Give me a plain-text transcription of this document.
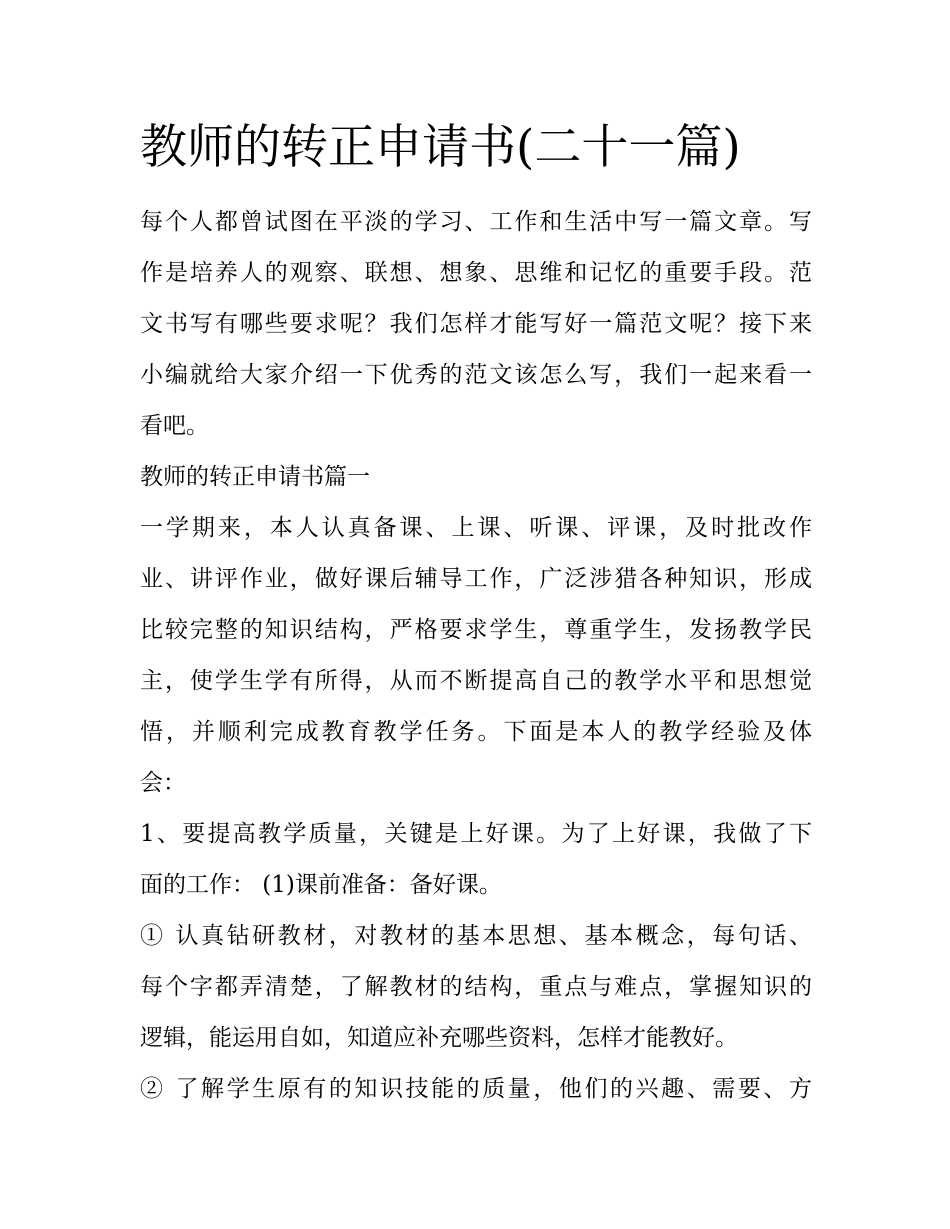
教师的转正申请书(二十一篇)
每个人都曾试图在平淡的学习、工作和生活中写一篇文章。写
作是培养人的观察、联想、想象、思维和记忆的重要手段。范
文书写有哪些要求呢？我们怎样才能写好一篇范文呢？接下来
小编就给大家介绍一下优秀的范文该怎么写，我们一起来看一
看吧。
教师的转正申请书篇一
一学期来，本人认真备课、上课、听课、评课，及时批改作
业、讲评作业，做好课后辅导工作，广泛涉猎各种知识，形成
比较完整的知识结构，严格要求学生，尊重学生，发扬教学民
主，使学生学有所得，从而不断提高自己的教学水平和思想觉
悟，并顺利完成教育教学任务。下面是本人的教学经验及体
会：
1、要提高教学质量，关键是上好课。为了上好课，我做了下
面的工作： (1)课前准备：备好课。
① 认真钻研教材，对教材的基本思想、基本概念，每句话、
每个字都弄清楚，了解教材的结构，重点与难点，掌握知识的
逻辑，能运用自如，知道应补充哪些资料，怎样才能教好。
② 了解学生原有的知识技能的质量，他们的兴趣、需要、方
